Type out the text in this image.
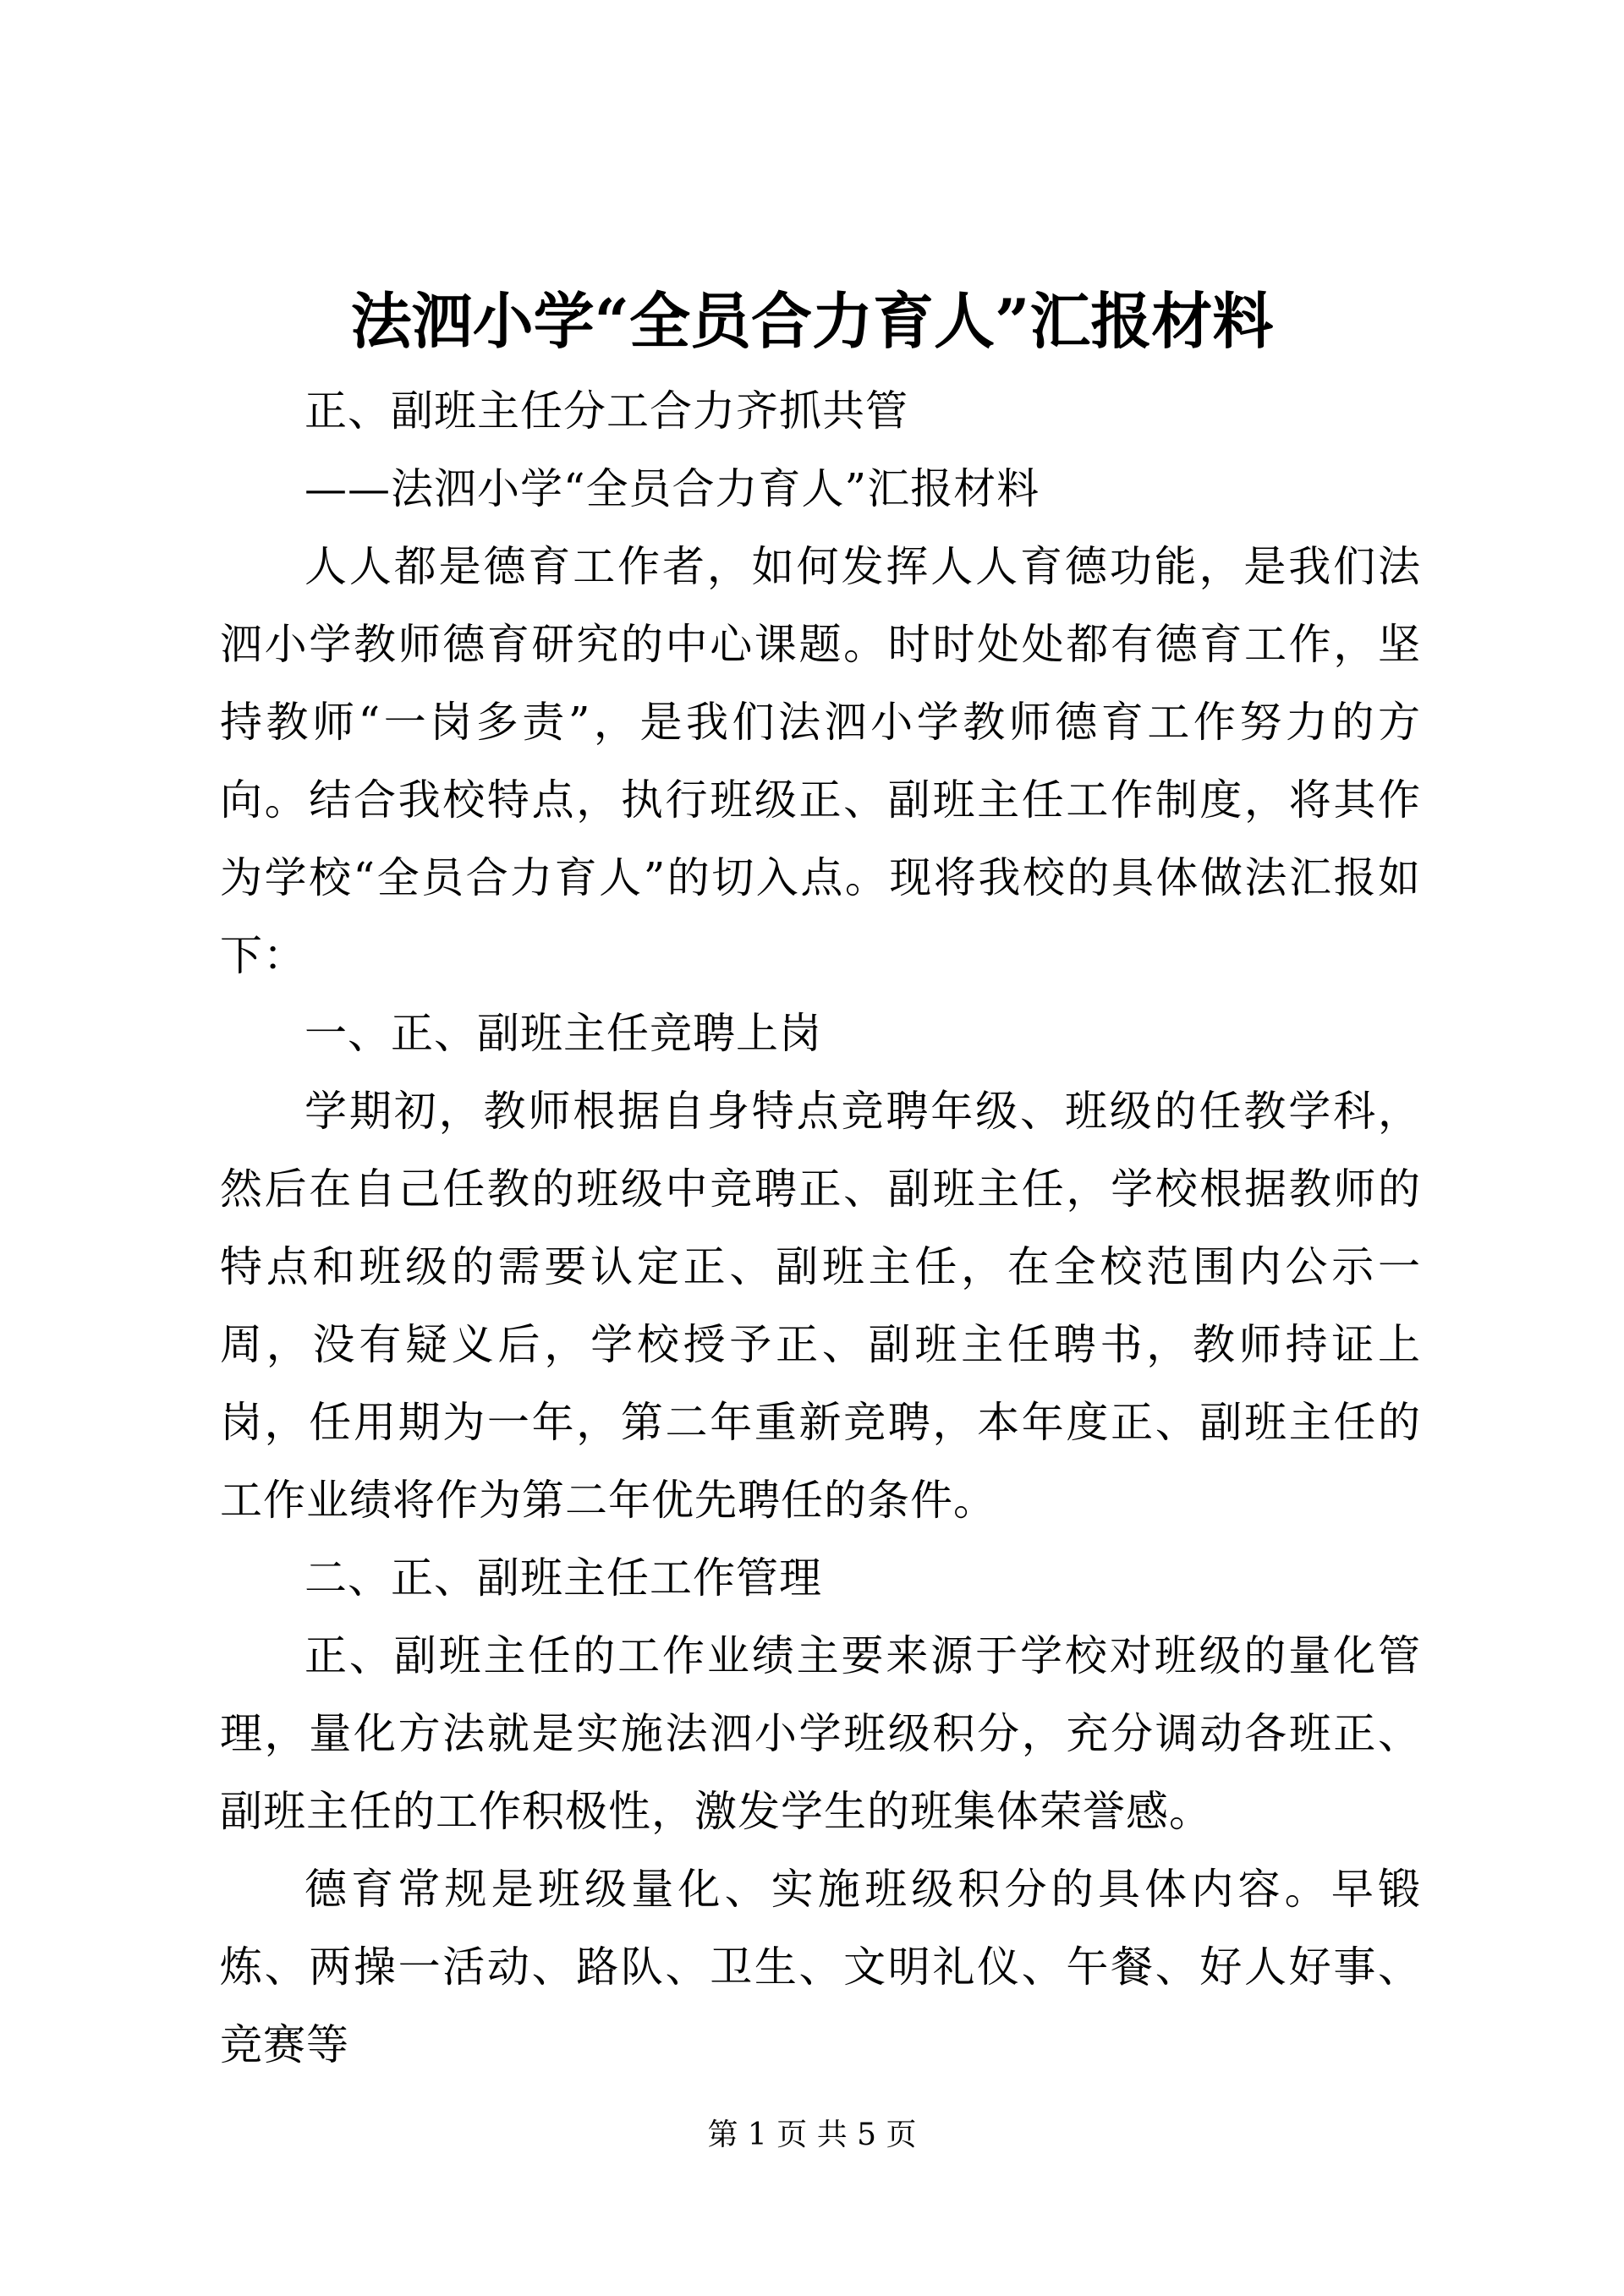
法泗小学“全员合力育人”汇报材料

正、副班主任分工合力齐抓共管

——法泗小学“全员合力育人”汇报材料

人人都是德育工作者，如何发挥人人育德功能，是我们法泗小学教师德育研究的中心课题。时时处处都有德育工作，坚持教师“一岗多责”，是我们法泗小学教师德育工作努力的方向。结合我校特点，执行班级正、副班主任工作制度，将其作为学校“全员合力育人”的切入点。现将我校的具体做法汇报如下：

一、正、副班主任竞聘上岗

学期初，教师根据自身特点竞聘年级、班级的任教学科，然后在自己任教的班级中竞聘正、副班主任，学校根据教师的特点和班级的需要认定正、副班主任，在全校范围内公示一周，没有疑义后，学校授予正、副班主任聘书，教师持证上岗，任用期为一年，第二年重新竞聘，本年度正、副班主任的工作业绩将作为第二年优先聘任的条件。

二、正、副班主任工作管理

正、副班主任的工作业绩主要来源于学校对班级的量化管理，量化方法就是实施法泗小学班级积分，充分调动各班正、副班主任的工作积极性，激发学生的班集体荣誉感。

德育常规是班级量化、实施班级积分的具体内容。早锻炼、两操一活动、路队、卫生、文明礼仪、午餐、好人好事、竞赛等

第 1 页 共 5 页
